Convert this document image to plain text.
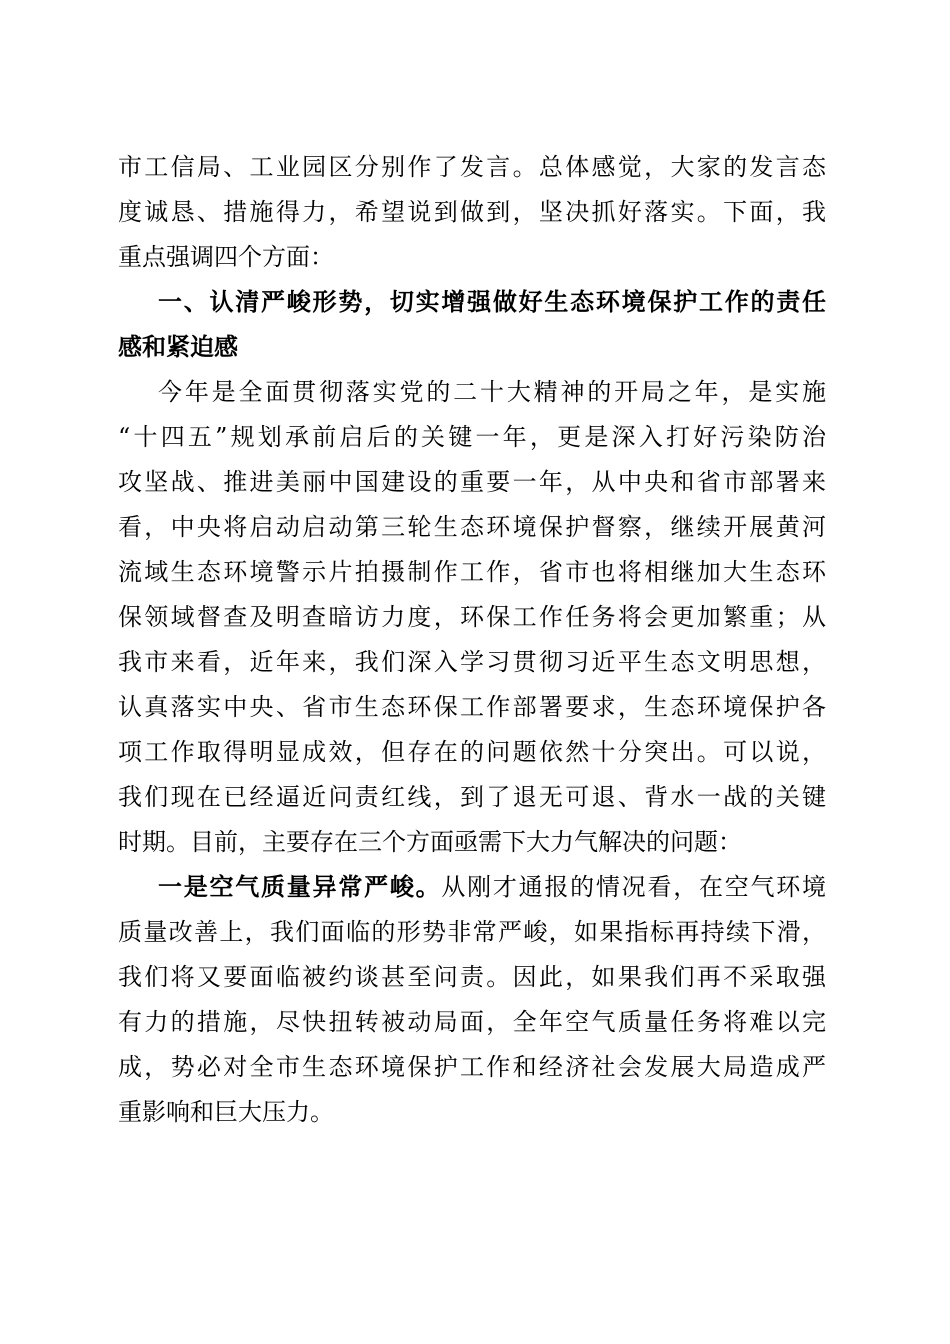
市工信局、工业园区分别作了发言。总体感觉，大家的发言态
度诚恳、措施得力，希望说到做到，坚决抓好落实。下面，我
重点强调四个方面：
一、认清严峻形势，切实增强做好生态环境保护工作的责任
感和紧迫感
今年是全面贯彻落实党的二十大精神的开局之年，是实施
“十四五”规划承前启后的关键一年，更是深入打好污染防治
攻坚战、推进美丽中国建设的重要一年，从中央和省市部署来
看，中央将启动启动第三轮生态环境保护督察，继续开展黄河
流域生态环境警示片拍摄制作工作，省市也将相继加大生态环
保领域督查及明查暗访力度，环保工作任务将会更加繁重；从
我市来看，近年来，我们深入学习贯彻习近平生态文明思想，
认真落实中央、省市生态环保工作部署要求，生态环境保护各
项工作取得明显成效，但存在的问题依然十分突出。可以说，
我们现在已经逼近问责红线，到了退无可退、背水一战的关键
时期。目前，主要存在三个方面亟需下大力气解决的问题：
一是空气质量异常严峻。从刚才通报的情况看，在空气环境
质量改善上，我们面临的形势非常严峻，如果指标再持续下滑，
我们将又要面临被约谈甚至问责。因此，如果我们再不采取强
有力的措施，尽快扭转被动局面，全年空气质量任务将难以完
成，势必对全市生态环境保护工作和经济社会发展大局造成严
重影响和巨大压力。
